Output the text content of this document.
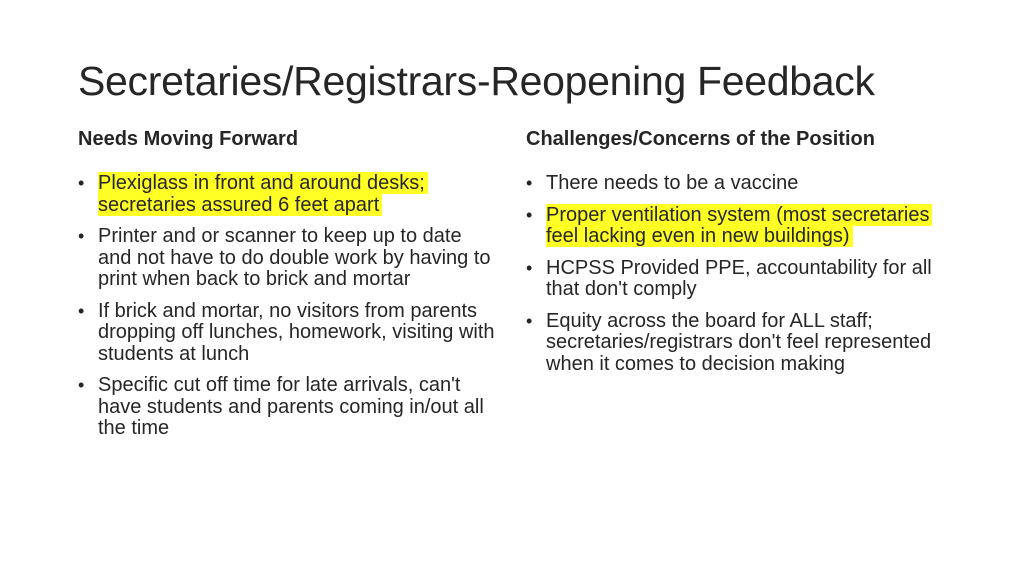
Secretaries/Registrars-Reopening Feedback
Needs Moving Forward
• Plexiglass in front and around desks; secretaries assured 6 feet apart
• Printer and or scanner to keep up to date and not have to do double work by having to print when back to brick and mortar
• If brick and mortar, no visitors from parents dropping off lunches, homework, visiting with students at lunch
• Specific cut off time for late arrivals, can't have students and parents coming in/out all the time
Challenges/Concerns of the Position
• There needs to be a vaccine
• Proper ventilation system (most secretaries feel lacking even in new buildings)
• HCPSS Provided PPE, accountability for all that don't comply
• Equity across the board for ALL staff; secretaries/registrars don't feel represented when it comes to decision making
